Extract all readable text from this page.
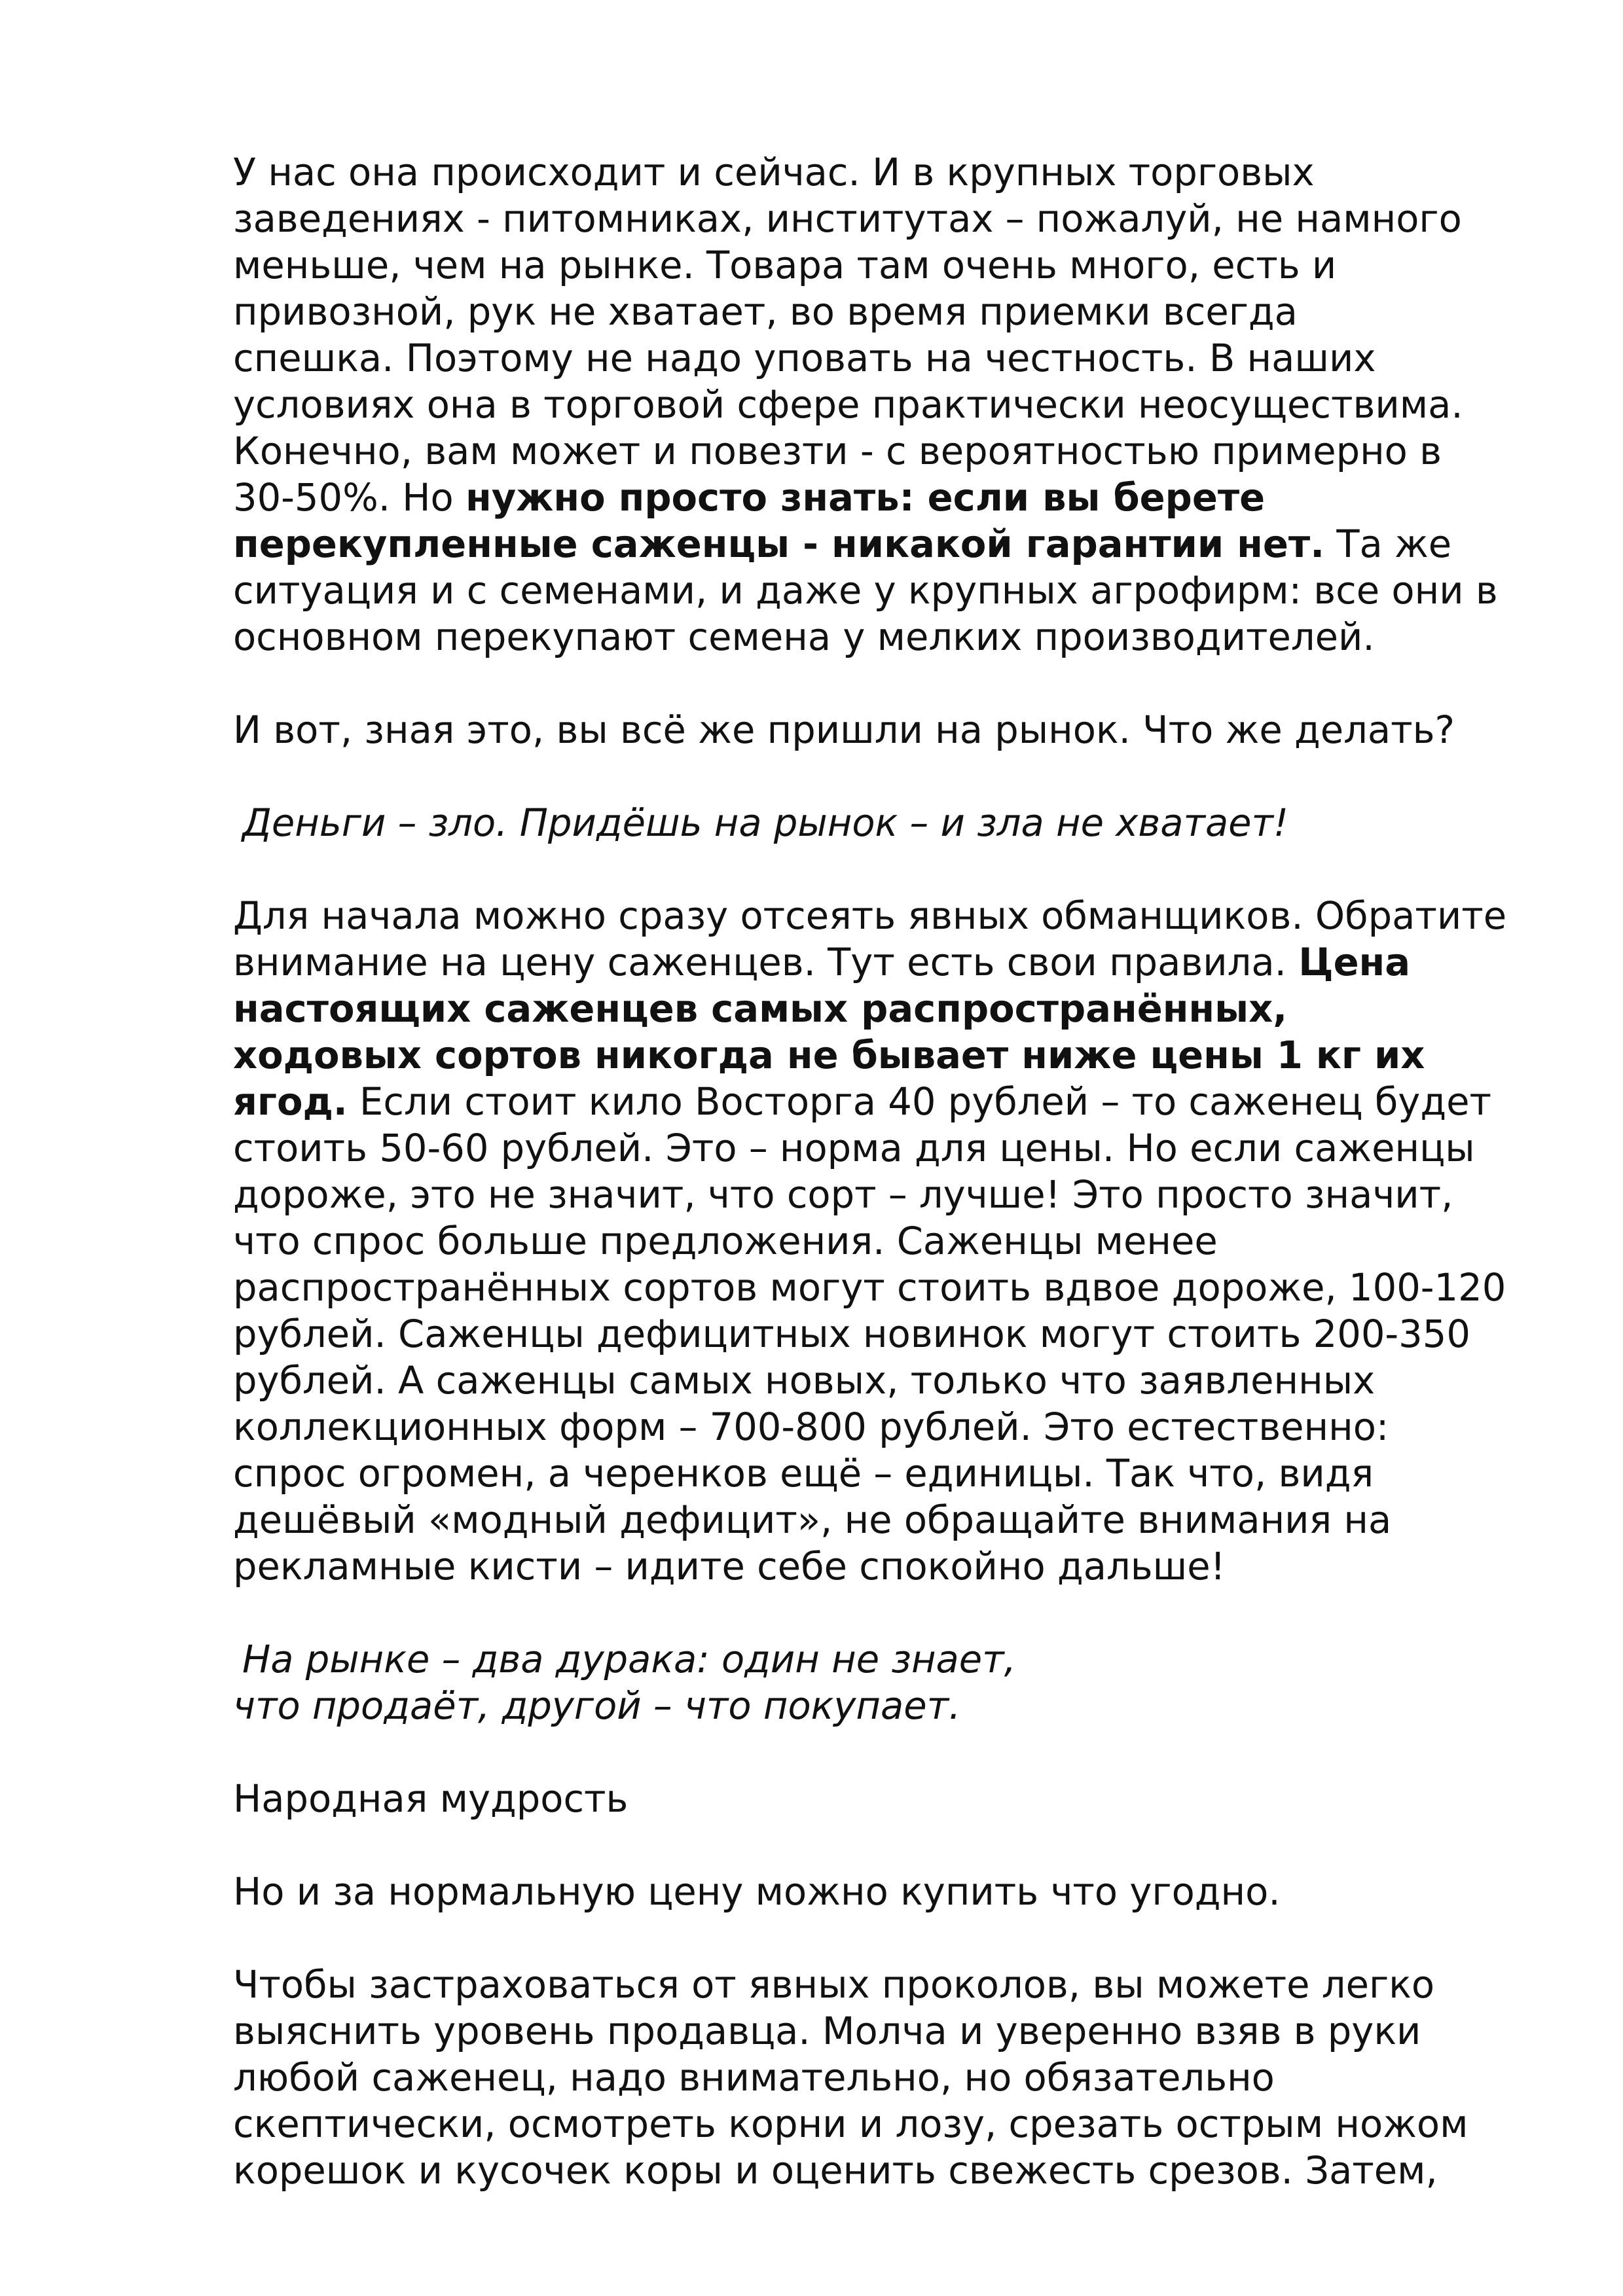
У нас она происходит и сейчас. И в крупных торговых
заведениях - питомниках, институтах – пожалуй, не намного
меньше, чем на рынке. Товара там очень много, есть и
привозной, рук не хватает, во время приемки всегда
спешка. Поэтому не надо уповать на честность. В наших
условиях она в торговой сфере практически неосуществима.
Конечно, вам может и повезти - с вероятностью примерно в
30-50%. Но нужно просто знать: если вы берете
перекупленные саженцы - никакой гарантии нет. Та же
ситуация и с семенами, и даже у крупных агрофирм: все они в
основном перекупают семена у мелких производителей.
И вот, зная это, вы всё же пришли на рынок. Что же делать?
Деньги – зло. Придёшь на рынок – и зла не хватает!
Для начала можно сразу отсеять явных обманщиков. Обратите
внимание на цену саженцев. Тут есть свои правила. Цена
настоящих саженцев самых распространённых,
ходовых сортов никогда не бывает ниже цены 1 кг их
ягод. Если стоит кило Восторга 40 рублей – то саженец будет
стоить 50-60 рублей. Это – норма для цены. Но если саженцы
дороже, это не значит, что сорт – лучше! Это просто значит,
что спрос больше предложения. Саженцы менее
распространённых сортов могут стоить вдвое дороже, 100-120
рублей. Саженцы дефицитных новинок могут стоить 200-350
рублей. А саженцы самых новых, только что заявленных
коллекционных форм – 700-800 рублей. Это естественно:
спрос огромен, а черенков ещё – единицы. Так что, видя
дешёвый «модный дефицит», не обращайте внимания на
рекламные кисти – идите себе спокойно дальше!
На рынке – два дурака: один не знает,
что продаёт, другой – что покупает.
Народная мудрость
Но и за нормальную цену можно купить что угодно.
Чтобы застраховаться от явных проколов, вы можете легко
выяснить уровень продавца. Молча и уверенно взяв в руки
любой саженец, надо внимательно, но обязательно
скептически, осмотреть корни и лозу, срезать острым ножом
корешок и кусочек коры и оценить свежесть срезов. Затем,
